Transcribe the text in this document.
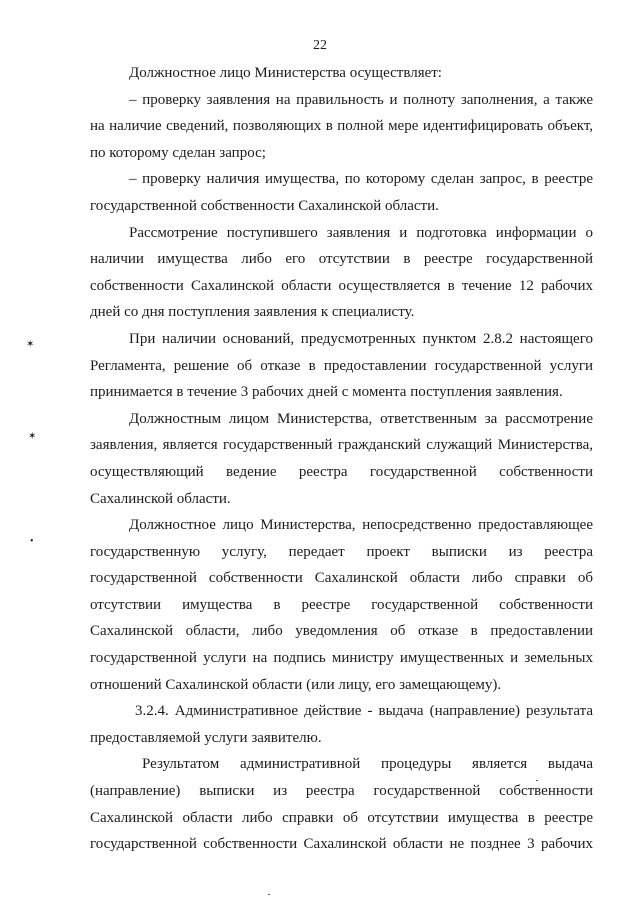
22
✶
✶
•
Должностное лицо Министерства осуществляет:
– проверку заявления на правильность и полноту заполнения, а также
на наличие сведений, позволяющих в полной мере идентифицировать объект,
по которому сделан запрос;
– проверку наличия имущества, по которому сделан запрос, в реестре
государственной собственности Сахалинской области.
Рассмотрение поступившего заявления и подготовка информации о
наличии имущества либо его отсутствии в реестре государственной
собственности Сахалинской области осуществляется в течение 12 рабочих
дней со дня поступления заявления к специалисту.
При наличии оснований, предусмотренных пунктом 2.8.2 настоящего
Регламента, решение об отказе в предоставлении государственной услуги
принимается в течение 3 рабочих дней с момента поступления заявления.
Должностным лицом Министерства, ответственным за рассмотрение
заявления, является государственный гражданский служащий Министерства,
осуществляющий ведение реестра государственной собственности
Сахалинской области.
Должностное лицо Министерства, непосредственно предоставляющее
государственную услугу, передает проект выписки из реестра
государственной собственности Сахалинской области либо справки об
отсутствии имущества в реестре государственной собственности
Сахалинской области, либо уведомления об отказе в предоставлении
государственной услуги на подпись министру имущественных и земельных
отношений Сахалинской области (или лицу, его замещающему).
3.2.4. Административное действие - выдача (направление) результата
предоставляемой услуги заявителю.
Результатом административной процедуры является выдача
(направление) выписки из реестра государственной собственности
Сахалинской области либо справки об отсутствии имущества в реестре
государственной собственности Сахалинской области не позднее 3 рабочих
